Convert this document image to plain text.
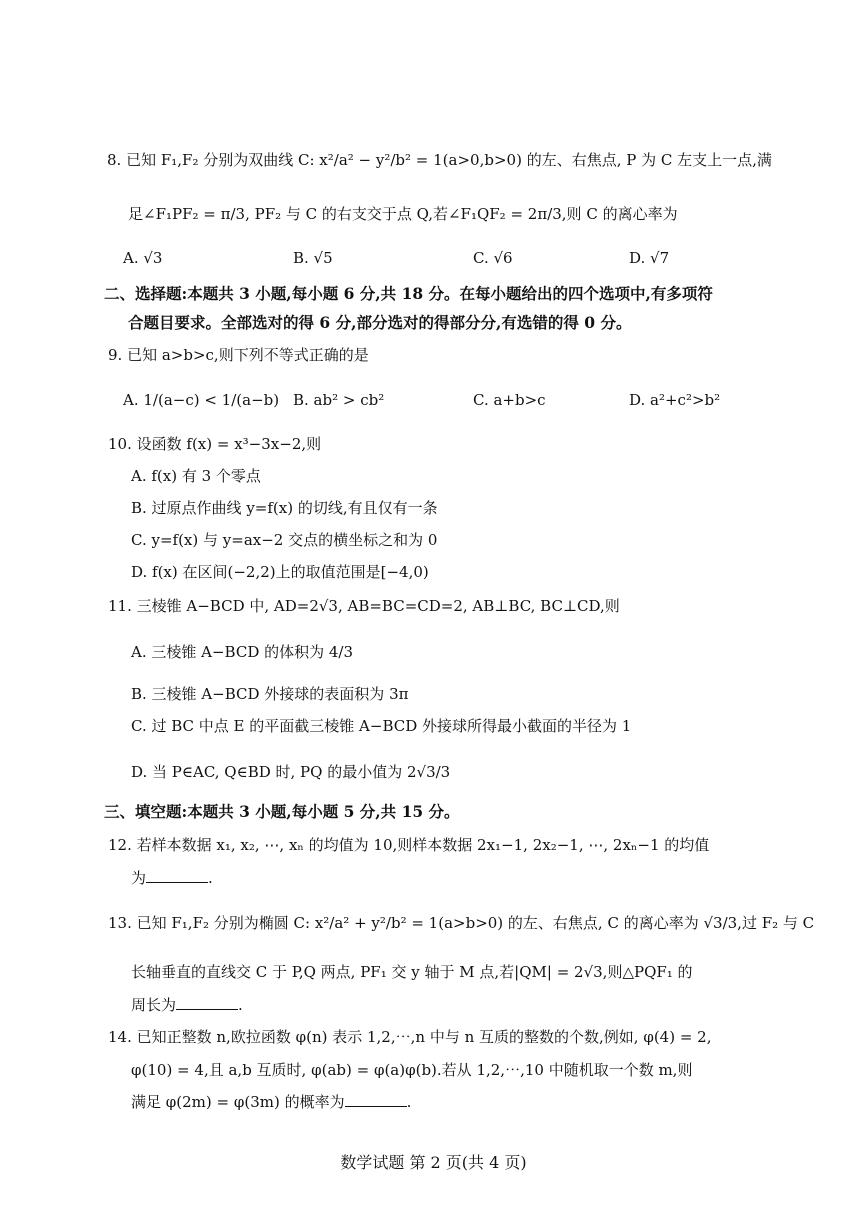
8. 已知 F₁,F₂ 分别为双曲线 C: x²/a² − y²/b² = 1(a>0,b>0) 的左、右焦点, P 为 C 左支上一点,满
足∠F₁PF₂ = π/3, PF₂ 与 C 的右支交于点 Q,若∠F₁QF₂ = 2π/3,则 C 的离心率为
A. √3	B. √5	C. √6	D. √7
二、选择题:本题共 3 小题,每小题 6 分,共 18 分。在每小题给出的四个选项中,有多项符
合题目要求。全部选对的得 6 分,部分选对的得部分分,有选错的得 0 分。
9. 已知 a>b>c,则下列不等式正确的是
A. 1/(a−c) < 1/(a−b) B. ab² > cb²	C. a+b>c	D. a²+c²>b²
10. 设函数 f(x) = x³−3x−2,则
A. f(x) 有 3 个零点
B. 过原点作曲线 y=f(x) 的切线,有且仅有一条
C. y=f(x) 与 y=ax−2 交点的横坐标之和为 0
D. f(x) 在区间(−2,2)上的取值范围是[−4,0)
11. 三棱锥 A−BCD 中, AD=2√3, AB=BC=CD=2, AB⊥BC, BC⊥CD,则
A. 三棱锥 A−BCD 的体积为 4/3
B. 三棱锥 A−BCD 外接球的表面积为 3π
C. 过 BC 中点 E 的平面截三棱锥 A−BCD 外接球所得最小截面的半径为 1
D. 当 P∈AC, Q∈BD 时, PQ 的最小值为 2√3/3
三、填空题:本题共 3 小题,每小题 5 分,共 15 分。
12. 若样本数据 x₁, x₂, ⋯, xₙ 的均值为 10,则样本数据 2x₁−1, 2x₂−1, ⋯, 2xₙ−1 的均值
为	.
13. 已知 F₁,F₂ 分别为椭圆 C: x²/a² + y²/b² = 1(a>b>0) 的左、右焦点, C 的离心率为 √3/3,过 F₂ 与 C
长轴垂直的直线交 C 于 P,Q 两点, PF₁ 交 y 轴于 M 点,若|QM| = 2√3,则△PQF₁ 的
周长为	.
14. 已知正整数 n,欧拉函数 φ(n) 表示 1,2,⋯,n 中与 n 互质的整数的个数,例如, φ(4) = 2,
φ(10) = 4,且 a,b 互质时, φ(ab) = φ(a)φ(b).若从 1,2,⋯,10 中随机取一个数 m,则
满足 φ(2m) = φ(3m) 的概率为	.
数学试题 第 2 页(共 4 页)
